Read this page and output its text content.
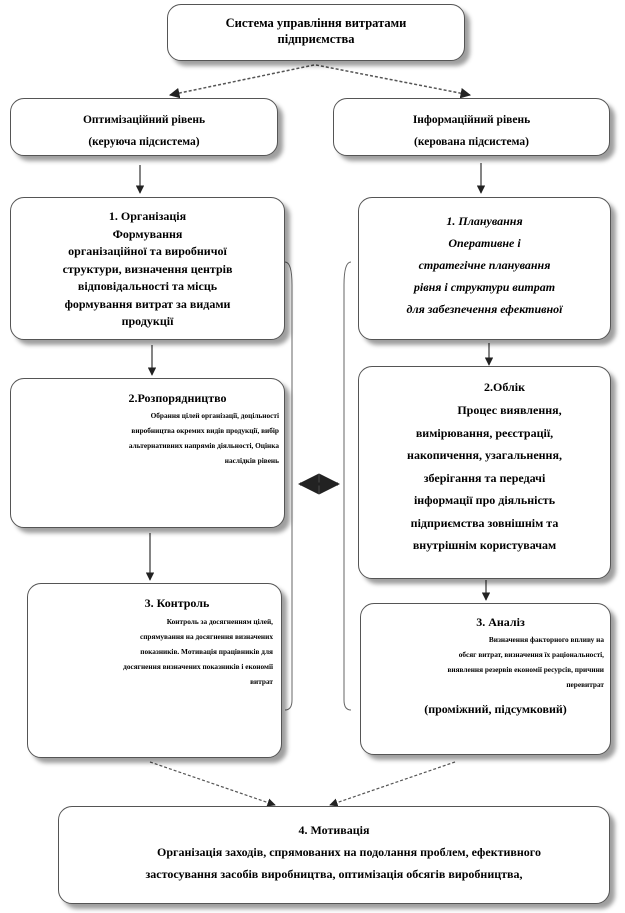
Система управління витратами
підприємства
Оптимізаційний рівень
(керуюча підсистема)
Інформаційний рівень
(керована підсистема)
1. Організація
Формування
організаційної та виробничої
структури, визначення центрів
відповідальності та місць
формування витрат за видами
продукції
1. Планування
Оперативне і
стратегічне планування
рівня і структури витрат
для забезпечення ефективної
2.Розпорядництво
Обрання цілей організації, доцільності
виробництва окремих видів продукції, вибір
альтернативних напрямів діяльності, Оцінка
наслідків рівень
2.Облік
Процес виявлення,
вимірювання, реєстрації,
накопичення, узагальнення,
зберігання та передачі
інформації про діяльність
підприємства зовнішнім та
внутрішнім користувачам
3. Контроль
Контроль за досягненням цілей,
спрямування на досягнення визначених
показників. Мотивація працівників для
досягнення визначених показників і економії
витрат
3. Аналіз
Визначення факторного впливу на
обсяг витрат, визначення їх раціональності,
виявлення резервів економії ресурсів, причини
перевитрат
(проміжний, підсумковий)
4. Мотивація
Організація заходів, спрямованих на подолання проблем, ефективного
застосування засобів виробництва, оптимізація обсягів виробництва,
